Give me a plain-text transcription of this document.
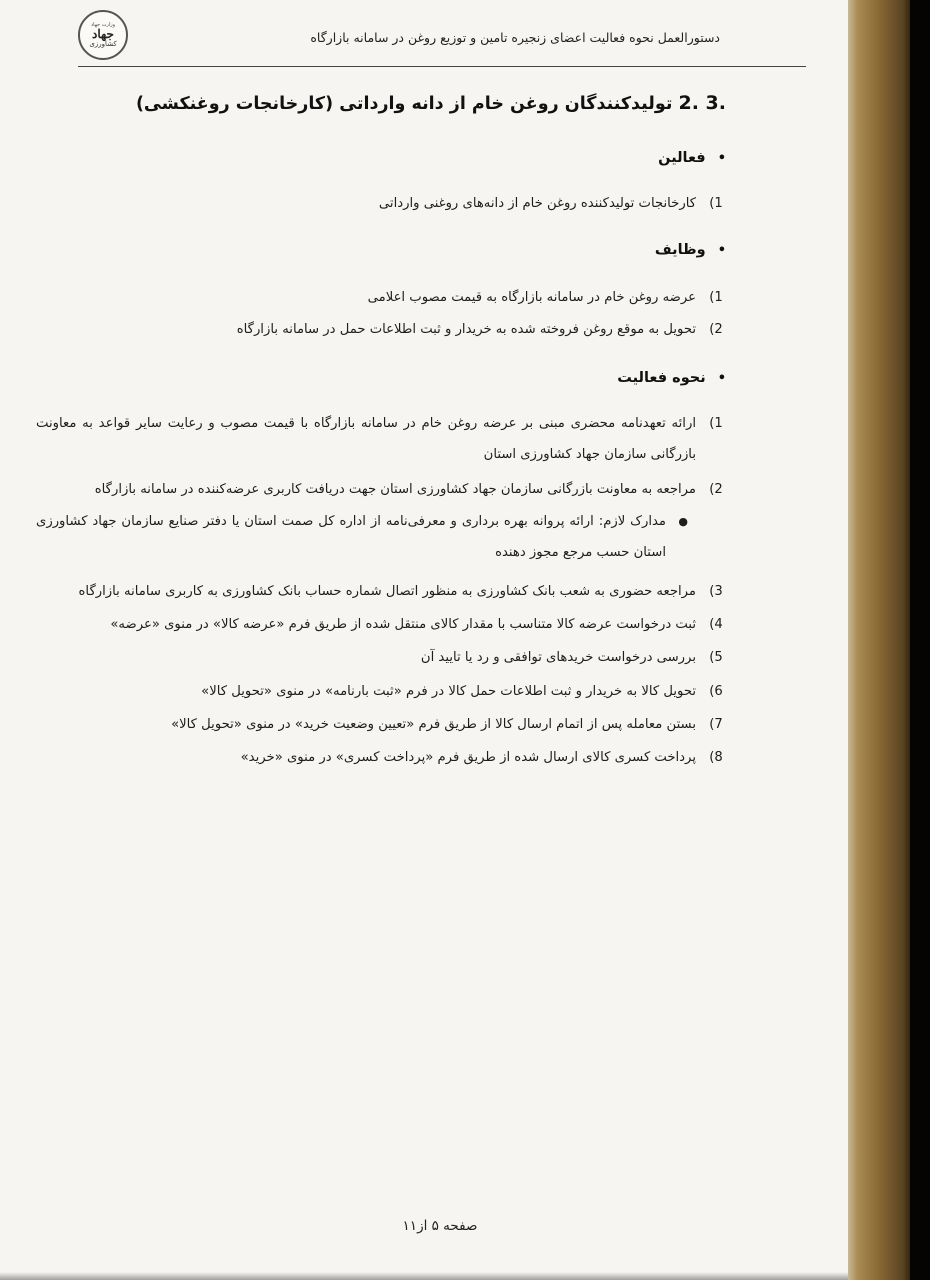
وزارت جهاد
جهاد
کشاورزی	دستورالعمل نحوه فعالیت اعضای زنجیره تامین و توزیع روغن در سامانه بازارگاه
2. 3. تولیدکنندگان روغن خام از دانه وارداتی (کارخانجات روغنکشی)
•فعالین
1)
کارخانجات تولیدکننده روغن خام از دانه‌های روغنی وارداتی
•وظایف
1)
عرضه روغن خام در سامانه بازارگاه به قیمت مصوب اعلامی
2)
تحویل به موقع روغن فروخته شده به خریدار و ثبت اطلاعات حمل در سامانه بازارگاه
•نحوه فعالیت
1)
ارائه تعهدنامه محضری مبنی بر عرضه روغن خام در سامانه بازارگاه با قیمت مصوب و رعایت سایر قواعد به معاونت بازرگانی سازمان جهاد کشاورزی استان
2)
مراجعه به معاونت بازرگانی سازمان جهاد کشاورزی استان جهت دریافت کاربری عرضه‌کننده در سامانه بازارگاه
●
مدارک لازم: ارائه پروانه بهره برداری و معرفی‌نامه از اداره کل صمت استان یا دفتر صنایع سازمان جهاد کشاورزی استان حسب مرجع مجوز دهنده
3)
مراجعه حضوری به شعب بانک کشاورزی به منظور اتصال شماره حساب بانک کشاورزی به کاربری سامانه بازارگاه
4)
ثبت درخواست عرضه کالا متناسب با مقدار کالای منتقل شده از طریق فرم «عرضه کالا» در منوی «عرضه»
5)
بررسی درخواست خریدهای توافقی و رد یا تایید آن
6)
تحویل کالا به خریدار و ثبت اطلاعات حمل کالا در فرم «ثبت بارنامه» در منوی «تحویل کالا»
7)
بستن معامله پس از اتمام ارسال کالا از طریق فرم «تعیین وضعیت خرید» در منوی «تحویل کالا»
8)
پرداخت کسری کالای ارسال شده از طریق فرم «پرداخت کسری» در منوی «خرید»
صفحه ۵ از۱۱
